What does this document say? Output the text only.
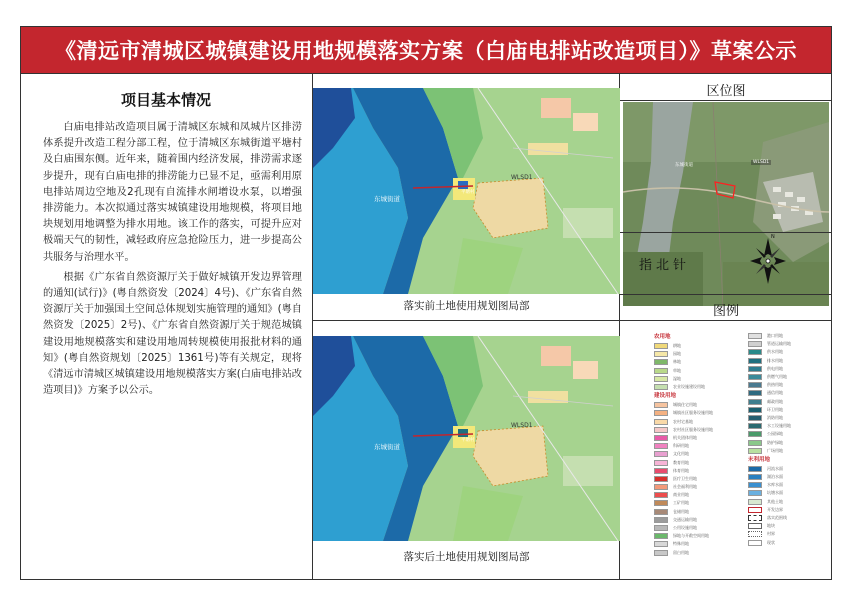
《清远市清城区城镇建设用地规模落实方案（白庙电排站改造项目）》草案公示
项目基本情况

白庙电排站改造项目属于清城区东城和凤城片区排涝体系提升改造工程分部工程，位于清城区东城街道平塘村及白庙围东侧。近年来，随着围内经济发展，排涝需求逐步提升，现有白庙电排的排涝能力已显不足，亟需利用原电排站周边空地及2孔现有自流排水闸增设水泵，以增强排涝能力。本次拟通过落实城镇建设用地规模，将项目地块规划用地调整为排水用地。该工作的落实，可提升应对极端天气的韧性，减轻政府应急抢险压力，进一步提高公共服务与治理水平。

根据《广东省自然资源厅关于做好城镇开发边界管理的通知(试行)》(粤自然资发〔2024〕4号)、《广东省自然资源厅关于加强国土空间总体规划实施管理的通知》(粤自然资发〔2025〕2号)、《广东省自然资源厅关于规范城镇建设用地规模落实和建设用地周转规模使用报批材料的通知》(粤自然资规划〔2025〕1361号)等有关规定，现将《清远市清城区城镇建设用地规模落实方案(白庙电排站改造项目)》方案予以公示。

东城街道
WLSD1
平塘村
落实前土地使用规划图局部
东城街道
WLSD1
平塘村
落实后土地使用规划图局部
区位图
WLSD1
东城街道
指北针
N
图例
农用地
耕地
园地
林地
草地
湿地
农业设施建设用地
建设用地
城镇住宅用地
城镇社区服务设施用地
农村宅基地
农村社区服务设施用地
机关团体用地
科研用地
文化用地
教育用地
体育用地
医疗卫生用地
社会福利用地
商业用地
工矿用地
仓储用地
交通运输用地
公用设施用地
绿地与开敞空间用地
特殊用地
留白用地
港口用地
管道运输用地
供水用地
排水用地
供电用地
供燃气用地
供热用地
通信用地
邮政用地
环卫用地
消防用地
水工设施用地
公园绿地
防护绿地
广场用地
未利用地
河流水面
湖泊水面
水库水面
坑塘水面
其他土地
开发边界
落实范围线
地块
村界
现状
